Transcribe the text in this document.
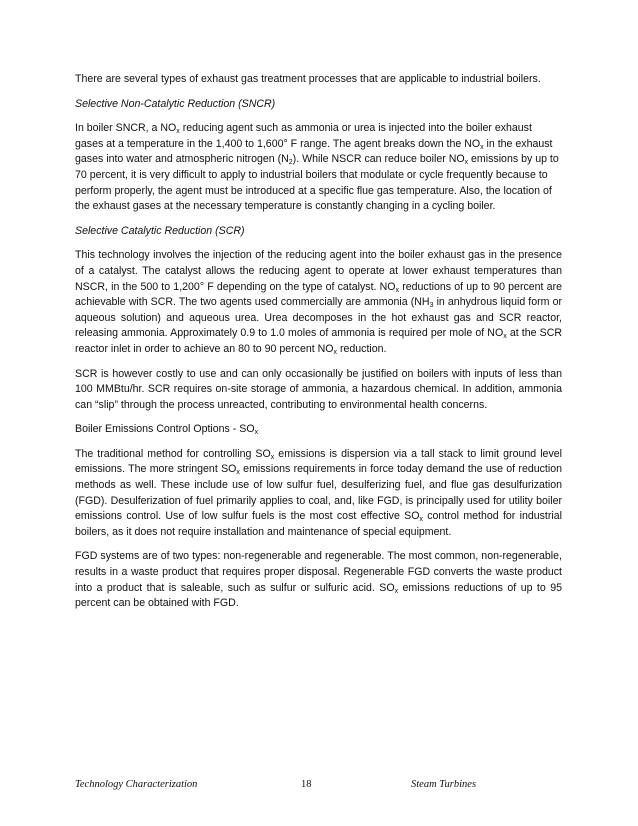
There are several types of exhaust gas treatment processes that are applicable to industrial boilers.

Selective Non-Catalytic Reduction (SNCR)

In boiler SNCR, a $NO_x$ reducing agent such as ammonia or urea is injected into the boiler exhaust gases at a temperature in the 1,400 to 1,600° F range. The agent breaks down the $NO_x$ in the exhaust gases into water and atmospheric nitrogen $(N_2)$. While NSCR can reduce boiler $NO_x$ emissions by up to 70 percent, it is very difficult to apply to industrial boilers that modulate or cycle frequently because to perform properly, the agent must be introduced at a specific flue gas temperature. Also, the location of the exhaust gases at the necessary temperature is constantly changing in a cycling boiler.

Selective Catalytic Reduction (SCR)

This technology involves the injection of the reducing agent into the boiler exhaust gas in the presence of a catalyst. The catalyst allows the reducing agent to operate at lower exhaust temperatures than NSCR, in the 500 to 1,200° F depending on the type of catalyst. $NO_x$ reductions of up to 90 percent are achievable with SCR. The two agents used commercially are ammonia ($NH_3$ in anhydrous liquid form or aqueous solution) and aqueous urea. Urea decomposes in the hot exhaust gas and SCR reactor, releasing ammonia. Approximately 0.9 to 1.0 moles of ammonia is required per mole of $NO_x$ at the SCR reactor inlet in order to achieve an 80 to 90 percent $NO_x$ reduction.

SCR is however costly to use and can only occasionally be justified on boilers with inputs of less than 100 MMBtu/hr. SCR requires on-site storage of ammonia, a hazardous chemical. In addition, ammonia can “slip” through the process unreacted, contributing to environmental health concerns.

Boiler Emissions Control Options - $SO_x$

The traditional method for controlling $SO_x$ emissions is dispersion via a tall stack to limit ground level emissions. The more stringent $SO_x$ emissions requirements in force today demand the use of reduction methods as well. These include use of low sulfur fuel, desulferizing fuel, and flue gas desulfurization (FGD). Desulferization of fuel primarily applies to coal, and, like FGD, is principally used for utility boiler emissions control. Use of low sulfur fuels is the most cost effective $SO_x$ control method for industrial boilers, as it does not require installation and maintenance of special equipment.

FGD systems are of two types: non-regenerable and regenerable. The most common, non-regenerable, results in a waste product that requires proper disposal. Regenerable FGD converts the waste product into a product that is saleable, such as sulfur or sulfuric acid. $SO_x$ emissions reductions of up to 95 percent can be obtained with FGD.

Technology Characterization	18	Steam Turbines
